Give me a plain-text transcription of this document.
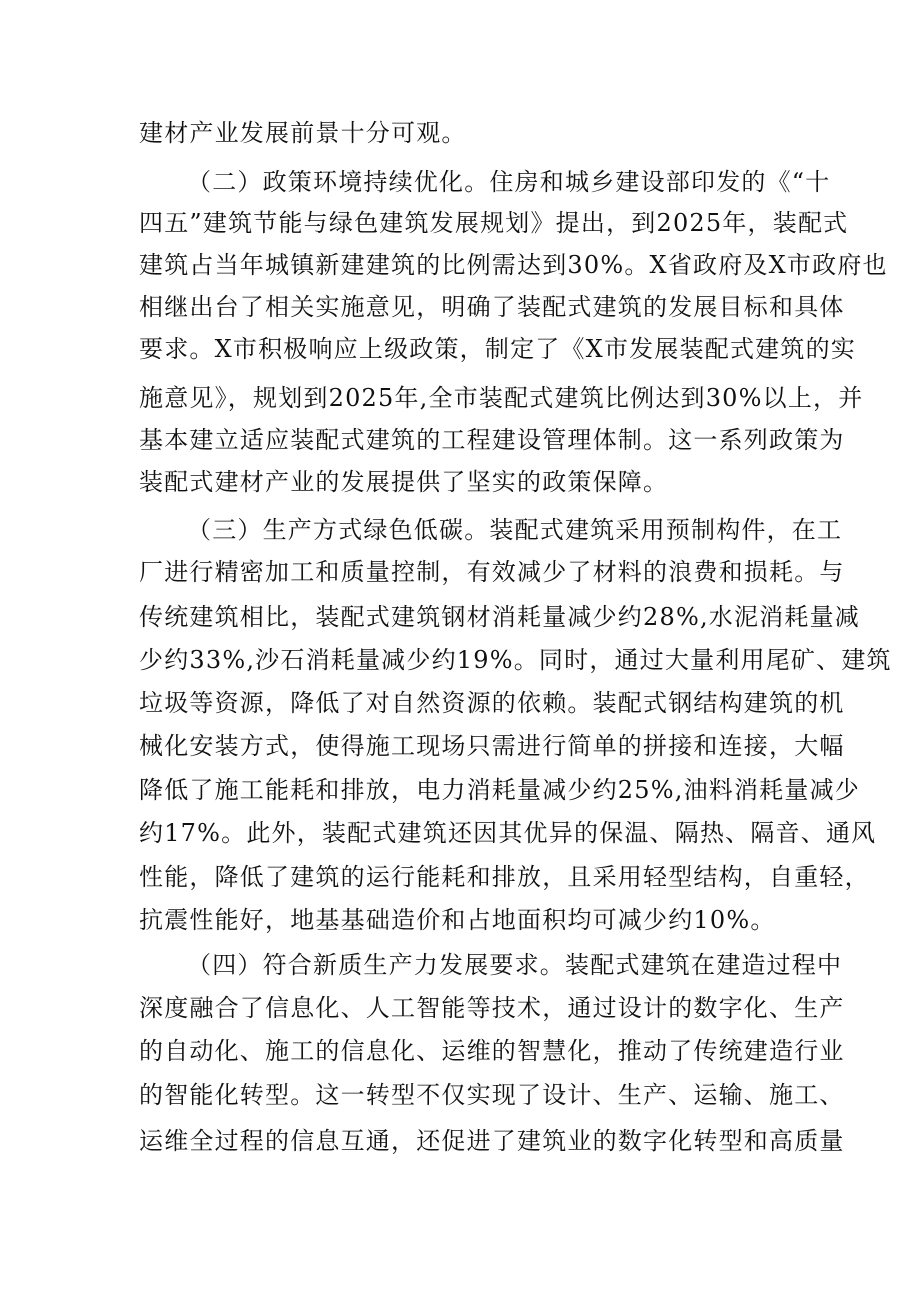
建材产业发展前景十分可观。
（二）政策环境持续优化。住房和城乡建设部印发的《“十
四五”建筑节能与绿色建筑发展规划》提出，到2025年，装配式
建筑占当年城镇新建建筑的比例需达到30%。X省政府及X市政府也
相继出台了相关实施意见，明确了装配式建筑的发展目标和具体
要求。X市积极响应上级政策，制定了《X市发展装配式建筑的实
施意见》，规划到2025年,全市装配式建筑比例达到30%以上，并
基本建立适应装配式建筑的工程建设管理体制。这一系列政策为
装配式建材产业的发展提供了坚实的政策保障。
（三）生产方式绿色低碳。装配式建筑采用预制构件，在工
厂进行精密加工和质量控制，有效减少了材料的浪费和损耗。与
传统建筑相比，装配式建筑钢材消耗量减少约28%,水泥消耗量减
少约33%,沙石消耗量减少约19%。同时，通过大量利用尾矿、建筑
垃圾等资源，降低了对自然资源的依赖。装配式钢结构建筑的机
械化安装方式，使得施工现场只需进行简单的拼接和连接，大幅
降低了施工能耗和排放，电力消耗量减少约25%,油料消耗量减少
约17%。此外，装配式建筑还因其优异的保温、隔热、隔音、通风
性能，降低了建筑的运行能耗和排放，且采用轻型结构，自重轻，
抗震性能好，地基基础造价和占地面积均可减少约10%。
（四）符合新质生产力发展要求。装配式建筑在建造过程中
深度融合了信息化、人工智能等技术，通过设计的数字化、生产
的自动化、施工的信息化、运维的智慧化，推动了传统建造行业
的智能化转型。这一转型不仅实现了设计、生产、运输、施工、
运维全过程的信息互通，还促进了建筑业的数字化转型和高质量
